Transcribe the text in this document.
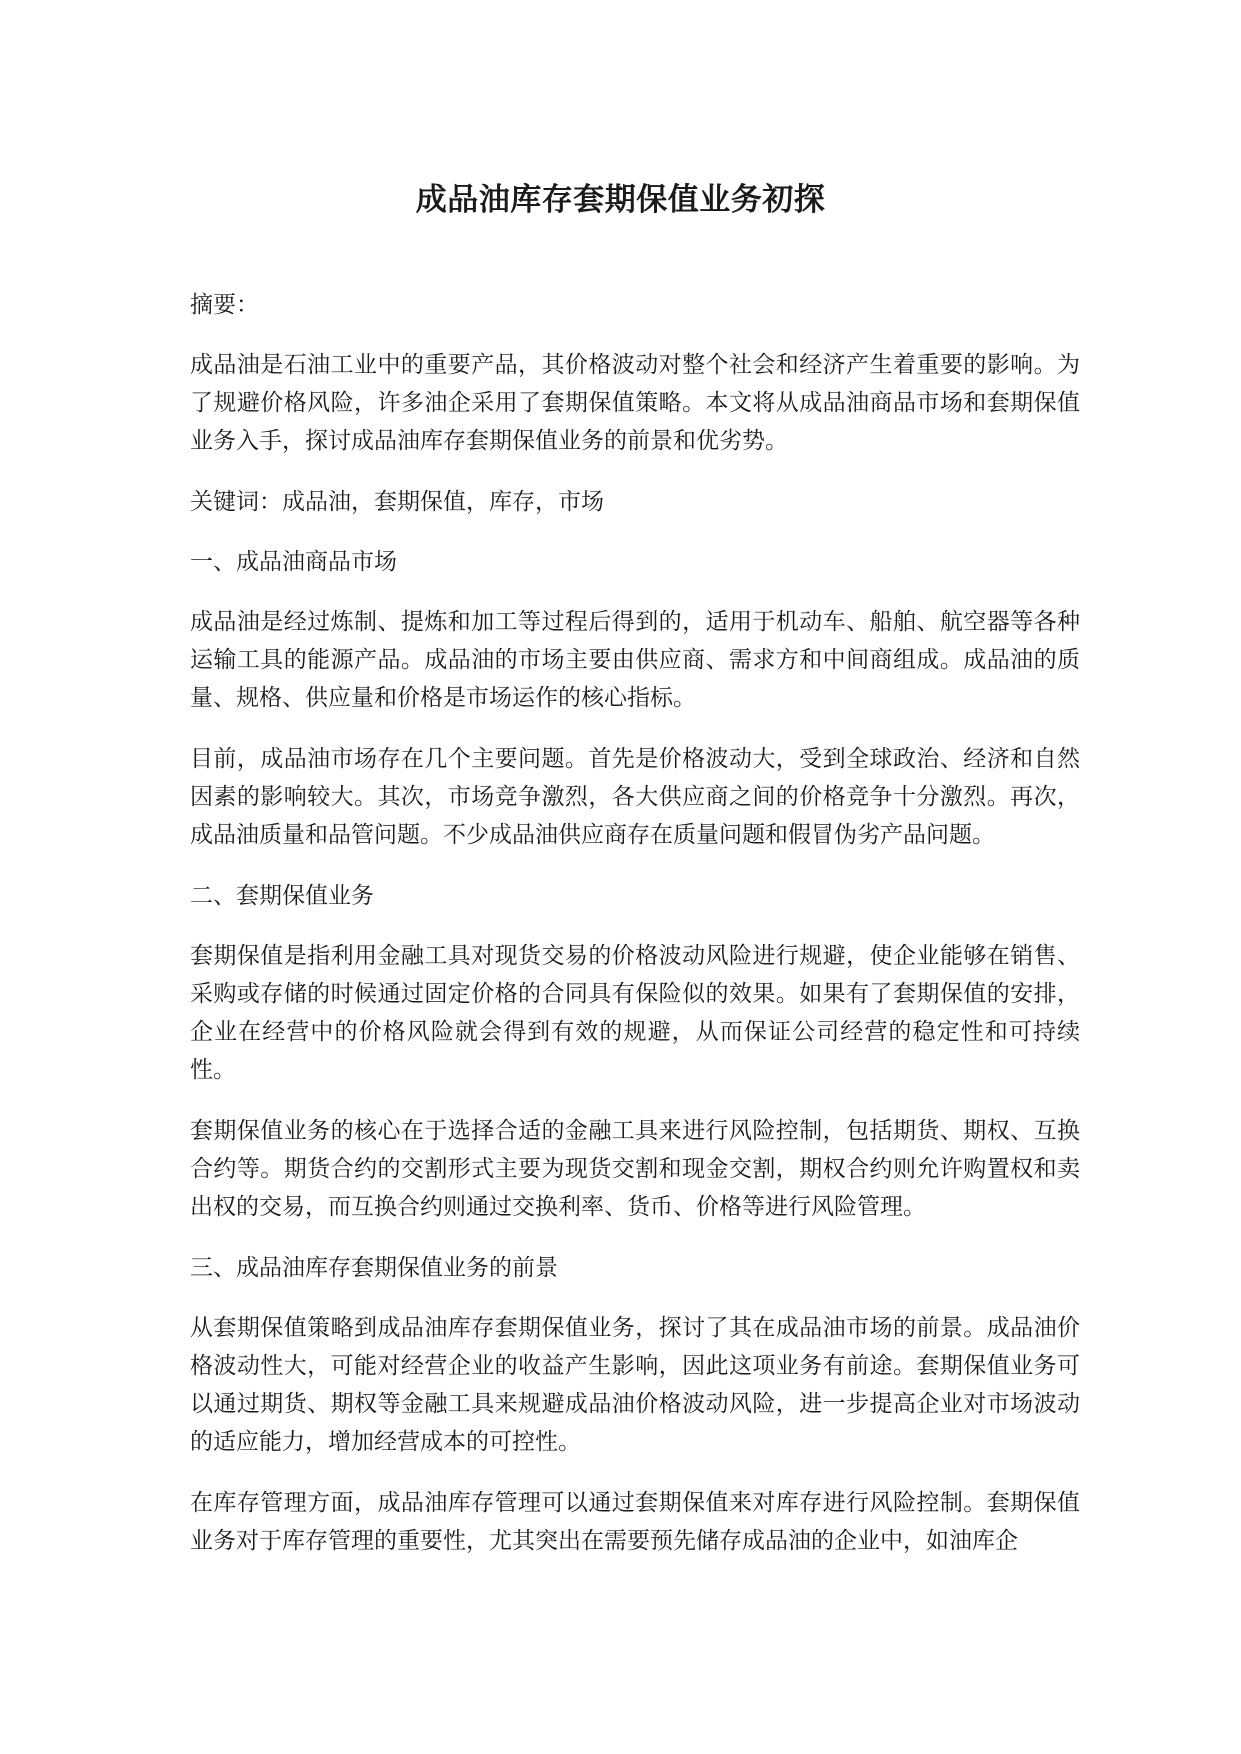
成品油库存套期保值业务初探

摘要：

成品油是石油工业中的重要产品，其价格波动对整个社会和经济产生着重要的影响。为了规避价格风险，许多油企采用了套期保值策略。本文将从成品油商品市场和套期保值业务入手，探讨成品油库存套期保值业务的前景和优劣势。

关键词：成品油，套期保值，库存，市场

一、成品油商品市场

成品油是经过炼制、提炼和加工等过程后得到的，适用于机动车、船舶、航空器等各种运输工具的能源产品。成品油的市场主要由供应商、需求方和中间商组成。成品油的质量、规格、供应量和价格是市场运作的核心指标。

目前，成品油市场存在几个主要问题。首先是价格波动大，受到全球政治、经济和自然因素的影响较大。其次，市场竞争激烈，各大供应商之间的价格竞争十分激烈。再次，成品油质量和品管问题。不少成品油供应商存在质量问题和假冒伪劣产品问题。

二、套期保值业务

套期保值是指利用金融工具对现货交易的价格波动风险进行规避，使企业能够在销售、采购或存储的时候通过固定价格的合同具有保险似的效果。如果有了套期保值的安排，企业在经营中的价格风险就会得到有效的规避，从而保证公司经营的稳定性和可持续性。

套期保值业务的核心在于选择合适的金融工具来进行风险控制，包括期货、期权、互换合约等。期货合约的交割形式主要为现货交割和现金交割，期权合约则允许购置权和卖出权的交易，而互换合约则通过交换利率、货币、价格等进行风险管理。

三、成品油库存套期保值业务的前景

从套期保值策略到成品油库存套期保值业务，探讨了其在成品油市场的前景。成品油价格波动性大，可能对经营企业的收益产生影响，因此这项业务有前途。套期保值业务可以通过期货、期权等金融工具来规避成品油价格波动风险，进一步提高企业对市场波动的适应能力，增加经营成本的可控性。

在库存管理方面，成品油库存管理可以通过套期保值来对库存进行风险控制。套期保值业务对于库存管理的重要性，尤其突出在需要预先储存成品油的企业中，如油库企
